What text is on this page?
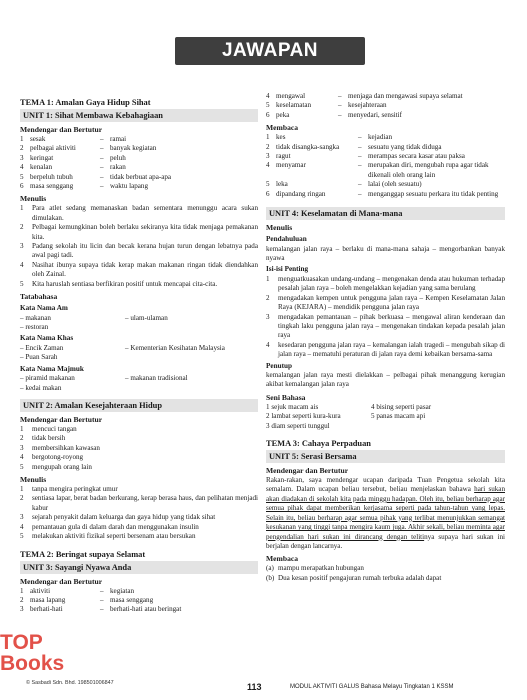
JAWAPAN
TEMA 1: Amalan Gaya Hidup Sihat
UNIT 1: Sihat Membawa Kebahagiaan
Mendengar dan Bertutur
1 sesak	– ramai
2 pelbagai aktiviti	– banyak kegiatan
3 keringat	– peluh
4 kenalan	– rakan
5 berpeluh tubuh	– tidak berbuat apa-apa
6 masa senggang	– waktu lapang
Menulis
1	Para atlet sedang memanaskan badan sementara menunggu acara sukan dimulakan.
2	Pelbagai kemungkinan boleh berlaku sekiranya kita tidak menjaga pemakanan kita.
3	Padang sekolah itu licin dan becak kerana hujan turun dengan lebatnya pada awal pagi tadi.
4	Nasihat ibunya supaya tidak kerap makan makanan ringan tidak diendahkan oleh Zainal.
5	Kita haruslah sentiasa berfikiran positif untuk mencapai cita-cita.
Tatabahasa
Kata Nama Am
– makanan	– ulam-ulaman
– restoran
Kata Nama Khas
– Encik Zaman	– Kementerian Kesihatan Malaysia
– Puan Sarah
Kata Nama Majmuk
– piramid makanan	– makanan tradisional
– kedai makan
UNIT 2: Amalan Kesejahteraan Hidup
Mendengar dan Bertutur
1	mencuci tangan
2	tidak bersih
3	membersihkan kawasan
4	bergotong-royong
5	mengupah orang lain
Menulis
1	tanpa mengira peringkat umur
2	sentiasa lapar, berat badan berkurang, kerap berasa haus, dan pelihatan menjadi kabur
3	sejarah penyakit dalam keluarga dan gaya hidup yang tidak sihat
4	pemantauan gula di dalam darah dan menggunakan insulin
5	melakukan aktiviti fizikal seperti bersenam atau bersukan
TEMA 2: Beringat supaya Selamat
UNIT 3: Sayangi Nyawa Anda
Mendengar dan Bertutur
1 aktiviti	– kegiatan
2 masa lapang	– masa senggang
3 berhati-hati	– berhati-hati atau beringat
4 mengawal	– menjaga dan mengawasi supaya selamat
5 keselamatan	– kesejahteraan
6 peka	– menyedari, sensitif
Membaca
1 kes	– kejadian
2 tidak disangka-sangka	– sesuatu yang tidak diduga
3 ragut	– merampas secara kasar atau paksa
4 menyamar	– merupakan diri, mengubah rupa agar tidak dikenali oleh orang lain
5 leka	– lalai (oleh sesuatu)
6 dipandang ringan	– menganggap sesuatu perkara itu tidak penting
UNIT 4: Keselamatan di Mana-mana
Menulis
Pendahuluan
kemalangan jalan raya – berlaku di mana-mana sahaja – mengorbankan banyak nyawa
Isi-isi Penting
1	menguatkuasakan undang-undang – mengenakan denda atau hukuman terhadap pesalah jalan raya – boleh mengelakkan kejadian yang sama berulang
2	mengadakan kempen untuk pengguna jalan raya – Kempen Keselamatan Jalan Raya (KEJARA) – mendidik pengguna jalan raya
3	mengadakan pemantauan – pihak berkuasa – mengawal aliran kenderaan dan tingkah laku pengguna jalan raya – mengenakan tindakan kepada pesalah jalan raya
4	kesedaran pengguna jalan raya – kemalangan ialah tragedi – mengubah sikap di jalan raya – mematuhi peraturan di jalan raya demi kebaikan bersama-sama
Penutup
kemalangan jalan raya mesti dielakkan – pelbagai pihak menanggung kerugian akibat kemalangan jalan raya
Seni Bahasa
1 sejuk macam ais	4 bising seperti pasar
2 lambat seperti kura-kura	5 panas macam api
3 diam seperti tunggul
TEMA 3: Cahaya Perpaduan
UNIT 5: Serasi Bersama
Mendengar dan Bertutur
Rakan-rakan, saya mendengar ucapan daripada Tuan Pengetua sekolah kita semalam. Dalam ucapan beliau tersebut, beliau menjelaskan bahawa hari sukan akan diadakan di sekolah kita pada minggu hadapan. Oleh itu, beliau berharap agar semua pihak dapat memberikan kerjasama seperti pada tahun-tahun yang lepas. Selain itu, beliau berharap agar semua pihak yang terlibat menunjukkan semangat kesukanan yang tinggi tanpa mengira kaum juga. Akhir sekali, beliau meminta agar pengendalian hari sukan ini dirancang dengan telitinya supaya hari sukan ini berjalan dengan lancarnya.
Membaca
(a) mampu merapatkan hubungan
(b) Dua kesan positif pengajuran rumah terbuka adalah dapat
TOP
Books
© Sasbadi Sdn. Bhd. 198501006847	113	MODUL AKTIVITI GALUS Bahasa Melayu Tingkatan 1 KSSM
